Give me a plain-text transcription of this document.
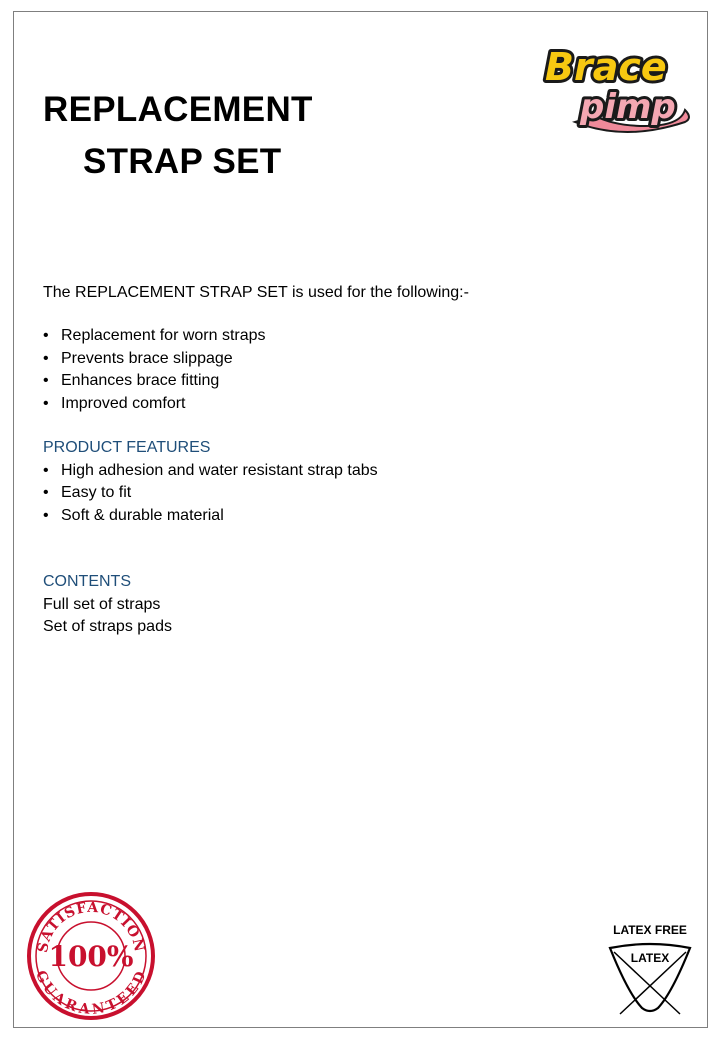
REPLACEMENT
STRAP SET
Brace
pimp
The REPLACEMENT STRAP SET is used for the following:-
• Replacement for worn straps
• Prevents brace slippage
• Enhances brace fitting
• Improved comfort
PRODUCT FEATURES
• High adhesion and water resistant strap tabs
• Easy to fit
• Soft & durable material
CONTENTS
Full set of straps
Set of straps pads
SATISFACTION
GUARANTEED
100%
LATEX FREE
LATEX
